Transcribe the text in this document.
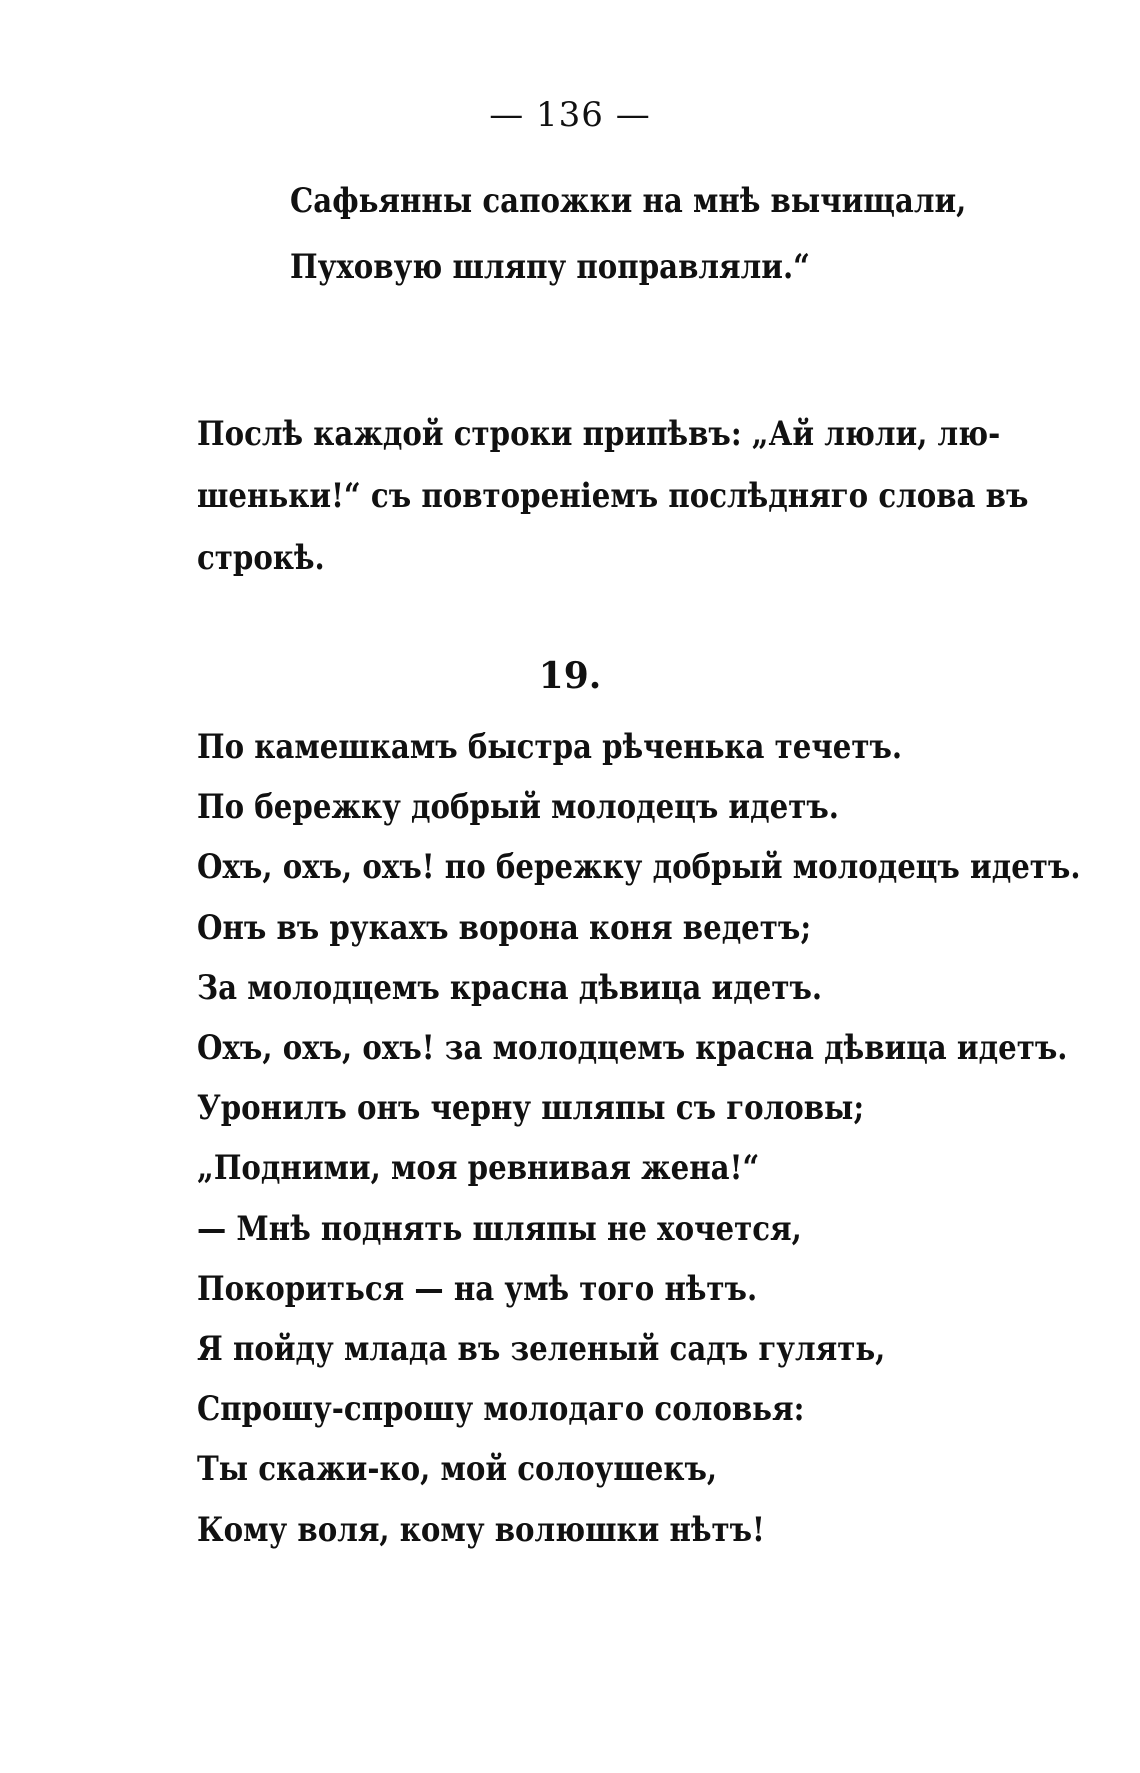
— 136 —
Сафьянны сапожки на мнѣ вычищали,
Пуховую шляпу поправляли.“

Послѣ каждой строки припѣвъ: „Ай люли, лю-

шеньки!“ съ повторенiемъ послѣдняго слова въ

строкѣ.

19.
По камешкамъ быстра рѣченька течетъ.
По бережку добрый молодецъ идетъ.
Охъ, охъ, охъ! по бережку добрый молодецъ идетъ.
Онъ въ рукахъ ворона коня ведетъ;
За молодцемъ красна дѣвица идетъ.
Охъ, охъ, охъ! за молодцемъ красна дѣвица идетъ.
Уронилъ онъ черну шляпы съ головы;
„Подними, моя ревнивая жена!“
— Мнѣ поднять шляпы не хочется,
Покориться — на умѣ того нѣтъ.
Я пойду млада въ зеленый садъ гулять,
Спрошу-спрошу молодаго соловья:
Ты скажи-ко, мой солоушекъ,
Кому воля, кому волюшки нѣтъ!
